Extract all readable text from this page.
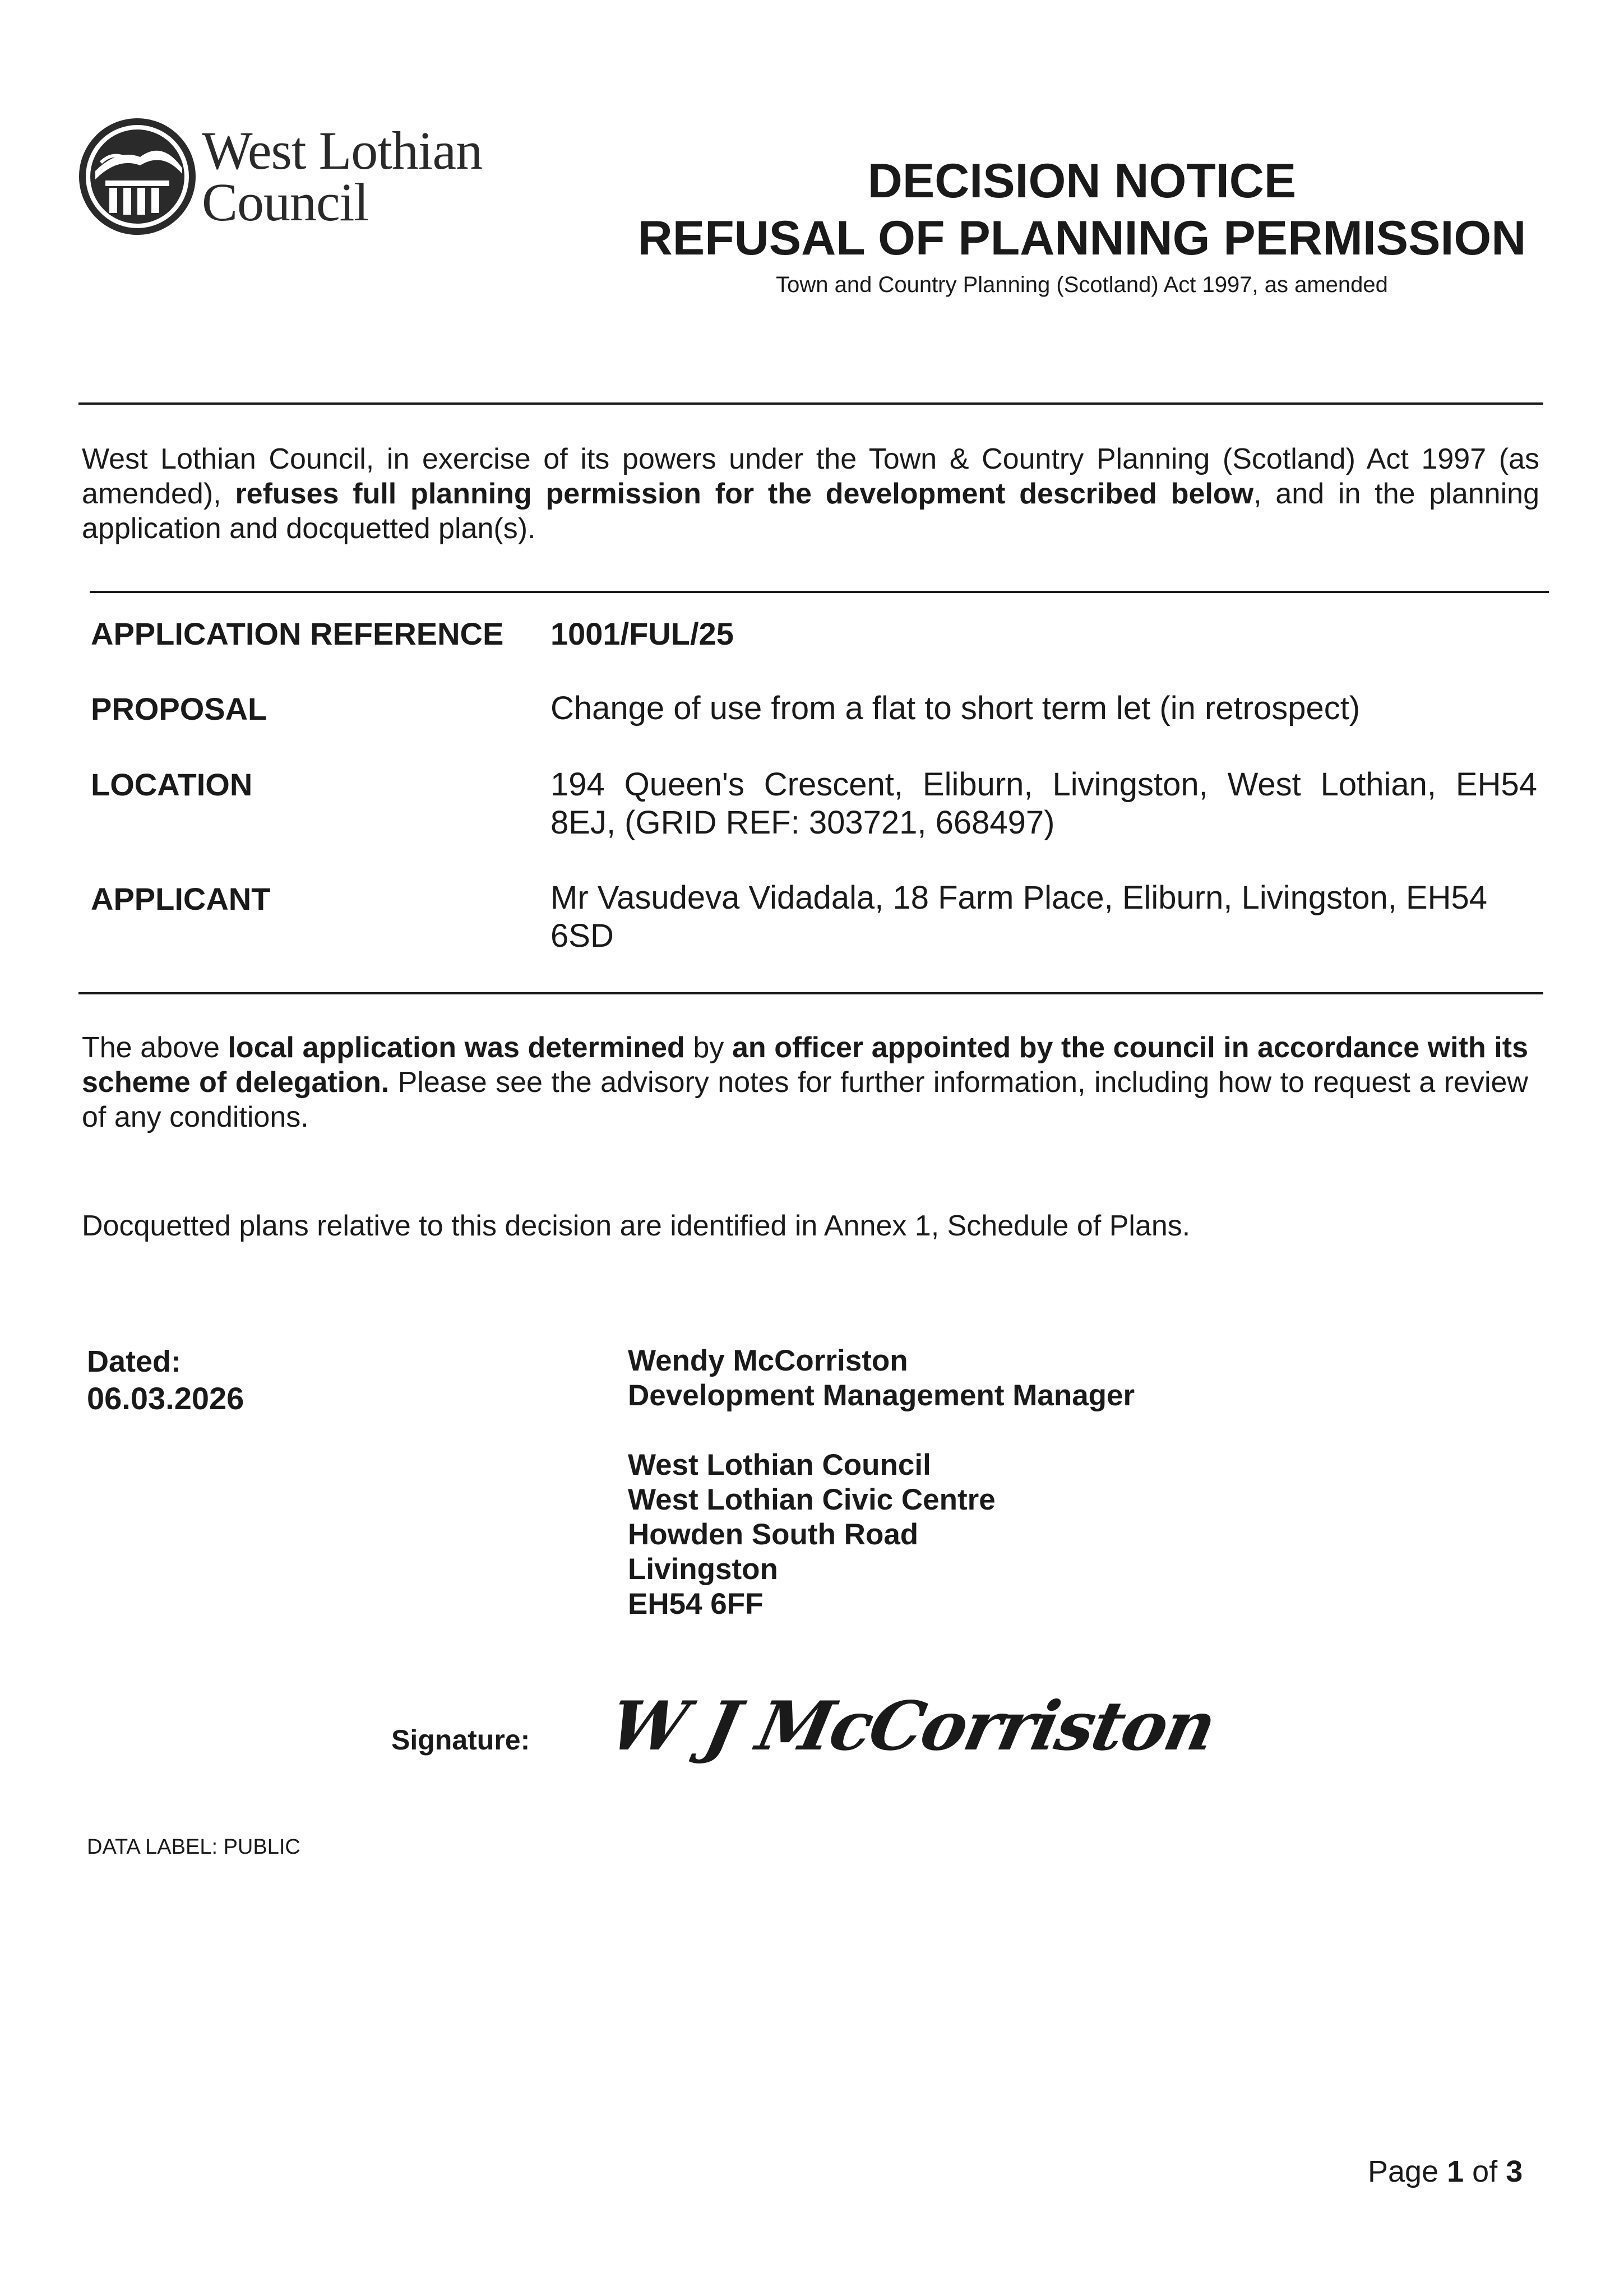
West Lothian
Council	DECISION NOTICE
REFUSAL OF PLANNING PERMISSION
Town and Country Planning (Scotland) Act 1997, as amended
West Lothian Council, in exercise of its powers under the Town & Country Planning (Scotland) Act 1997 (as amended), refuses full planning permission for the development described below, and in the planning application and docquetted plan(s).
APPLICATION REFERENCE 1001/FUL/25
PROPOSAL	Change of use from a flat to short term let (in retrospect)
LOCATION	194 Queen's Crescent, Eliburn, Livingston, West Lothian, EH54 8EJ, (GRID REF: 303721, 668497)
APPLICANT	Mr Vasudeva Vidadala, 18 Farm Place, Eliburn, Livingston, EH54 6SD
The above local application was determined by an officer appointed by the council in accordance with its scheme of delegation. Please see the advisory notes for further information, including how to request a review of any conditions.
Docquetted plans relative to this decision are identified in Annex 1, Schedule of Plans.
Dated:
06.03.2026
Wendy McCorriston
Development Management Manager
West Lothian Council
West Lothian Civic Centre
Howden South Road
Livingston
EH54 6FF
Signature: W J McCorriston
DATA LABEL: PUBLIC
Page 1 of 3
